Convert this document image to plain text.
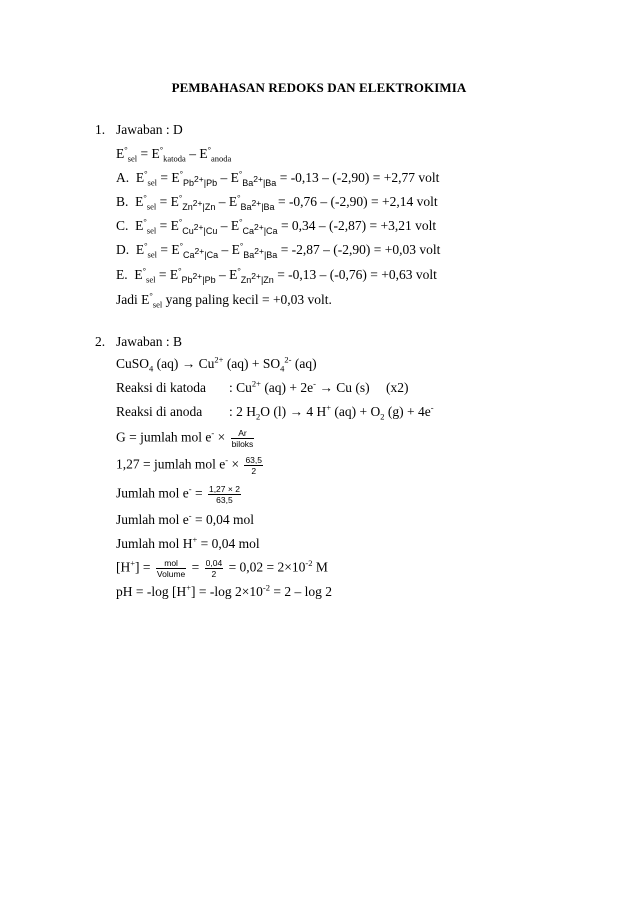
PEMBAHASAN REDOKS DAN ELEKTROKIMIA
1. Jawaban : D
$E^\circ_{sel} = E^\circ_{katoda} - E^\circ_{anoda}$
A. $E^\circ_{sel} = E^\circ_{Pb^{2+}|Pb} - E^\circ_{Ba^{2+}|Ba} = -0,13 - (-2,90) = +2,77$ volt
B. $E^\circ_{sel} = E^\circ_{Zn^{2+}|Zn} - E^\circ_{Ba^{2+}|Ba} = -0,76 - (-2,90) = +2,14$ volt
C. $E^\circ_{sel} = E^\circ_{Cu^{2+}|Cu} - E^\circ_{Ca^{2+}|Ca} = 0,34 - (-2,87) = +3,21$ volt
D. $E^\circ_{sel} = E^\circ_{Ca^{2+}|Ca} - E^\circ_{Ba^{2+}|Ba} = -2,87 - (-2,90) = +0,03$ volt
E. $E^\circ_{sel} = E^\circ_{Pb^{2+}|Pb} - E^\circ_{Zn^{2+}|Zn} = -0,13 - (-0,76) = +0,63$ volt
Jadi $E^\circ_{sel}$ yang paling kecil = +0,03 volt.
2. Jawaban : B
CuSO$_4$ $(aq) \to Cu^{2+}$ $(aq) + SO_4^{2-}$ (aq)
Reaksi di katoda : $Cu^{2+}$ (aq) + 2e- → Cu (s) (x2)
Reaksi di anoda : 2 $H_2O$ (l) → 4 H+ $(aq) + O_2$ (g) + 4e-
G = jumlah mol $e^- \times \frac{Ar}{\text{biloks}}$
1,27 = jumlah mol $e^- \times \frac{63,5}{2}$
Jumlah mol $e^- = \frac{1,27 \times 2}{63,5}$
Jumlah mol e- = 0,04 mol
Jumlah mol H+ = 0,04 mol
$[H^+] = \frac{\text{mol}}{\text{Volume}} = \frac{0,04}{2} = 0,02 = 2\times 10^{-2}$ M
pH = -log [H+] = -log $2\times 10^{-2} = 2 - \log 2$
